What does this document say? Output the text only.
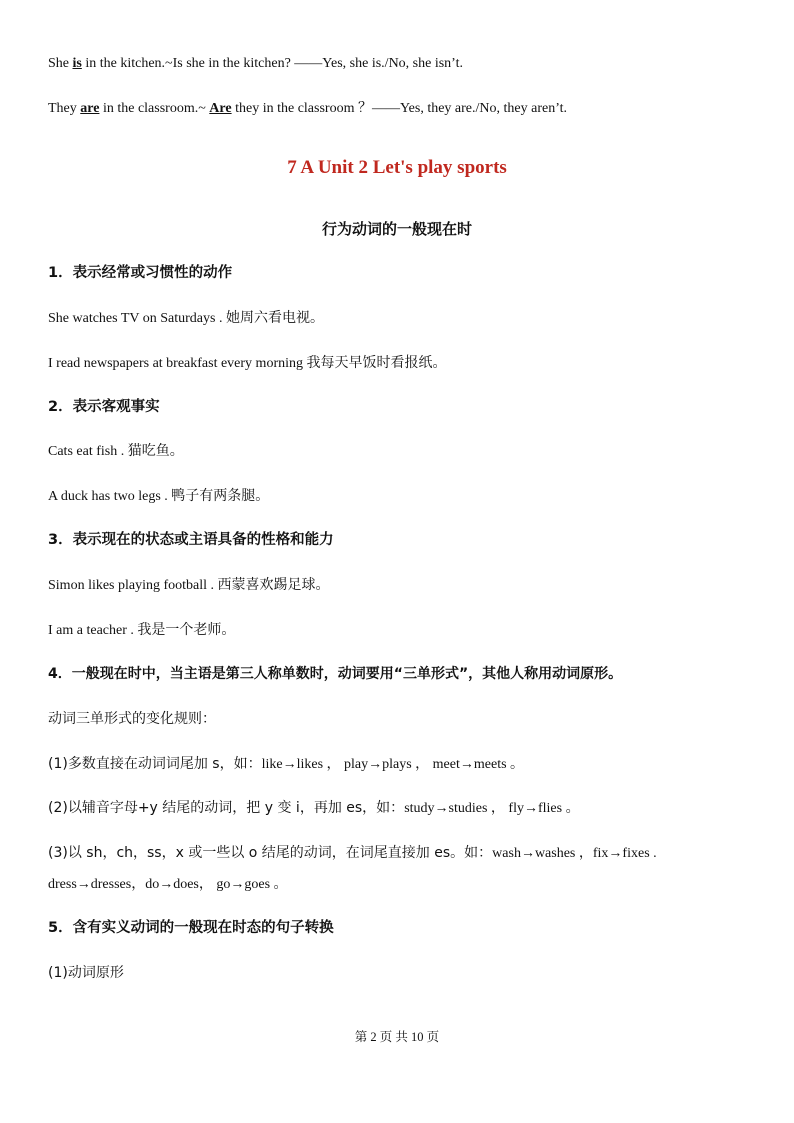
She is in the kitchen.~Is she in the kitchen? ——Yes, she is./No, she isn’t.
They are in the classroom.~ Are they in the classroom ？——Yes, they are./No, they aren’t.
7 A Unit 2 Let's play sports
行为动词的一般现在时
1．表示经常或习惯性的动作
She watches TV on Saturdays . 她周六看电视。
I read newspapers at breakfast every morning 我每天早饭时看报纸。
2．表示客观事实
Cats eat fish . 猫吃鱼。
A duck has two legs . 鸭子有两条腿。
3．表示现在的状态或主语具备的性格和能力
Simon likes playing football . 西蒙喜欢踢足球。
I am a teacher . 我是一个老师。
4．一般现在时中，当主语是第三人称单数时，动词要用“三单形式”，其他人称用动词原形。
动词三单形式的变化规则：
(1)多数直接在动词词尾加 s，如：like→likes ， play→plays ， meet→meets 。
(2)以辅音字母+y 结尾的动词，把 y 变 i，再加 es，如：study→studies ， fly→flies 。
(3)以 sh，ch，ss，x 或一些以 o 结尾的动词，在词尾直接加 es。如：wash→washes ，fix→fixes . dress→dresses，do→does， go→goes 。
5．含有实义动词的一般现在时态的句子转换
(1)动词原形
第 2 页 共 10 页
